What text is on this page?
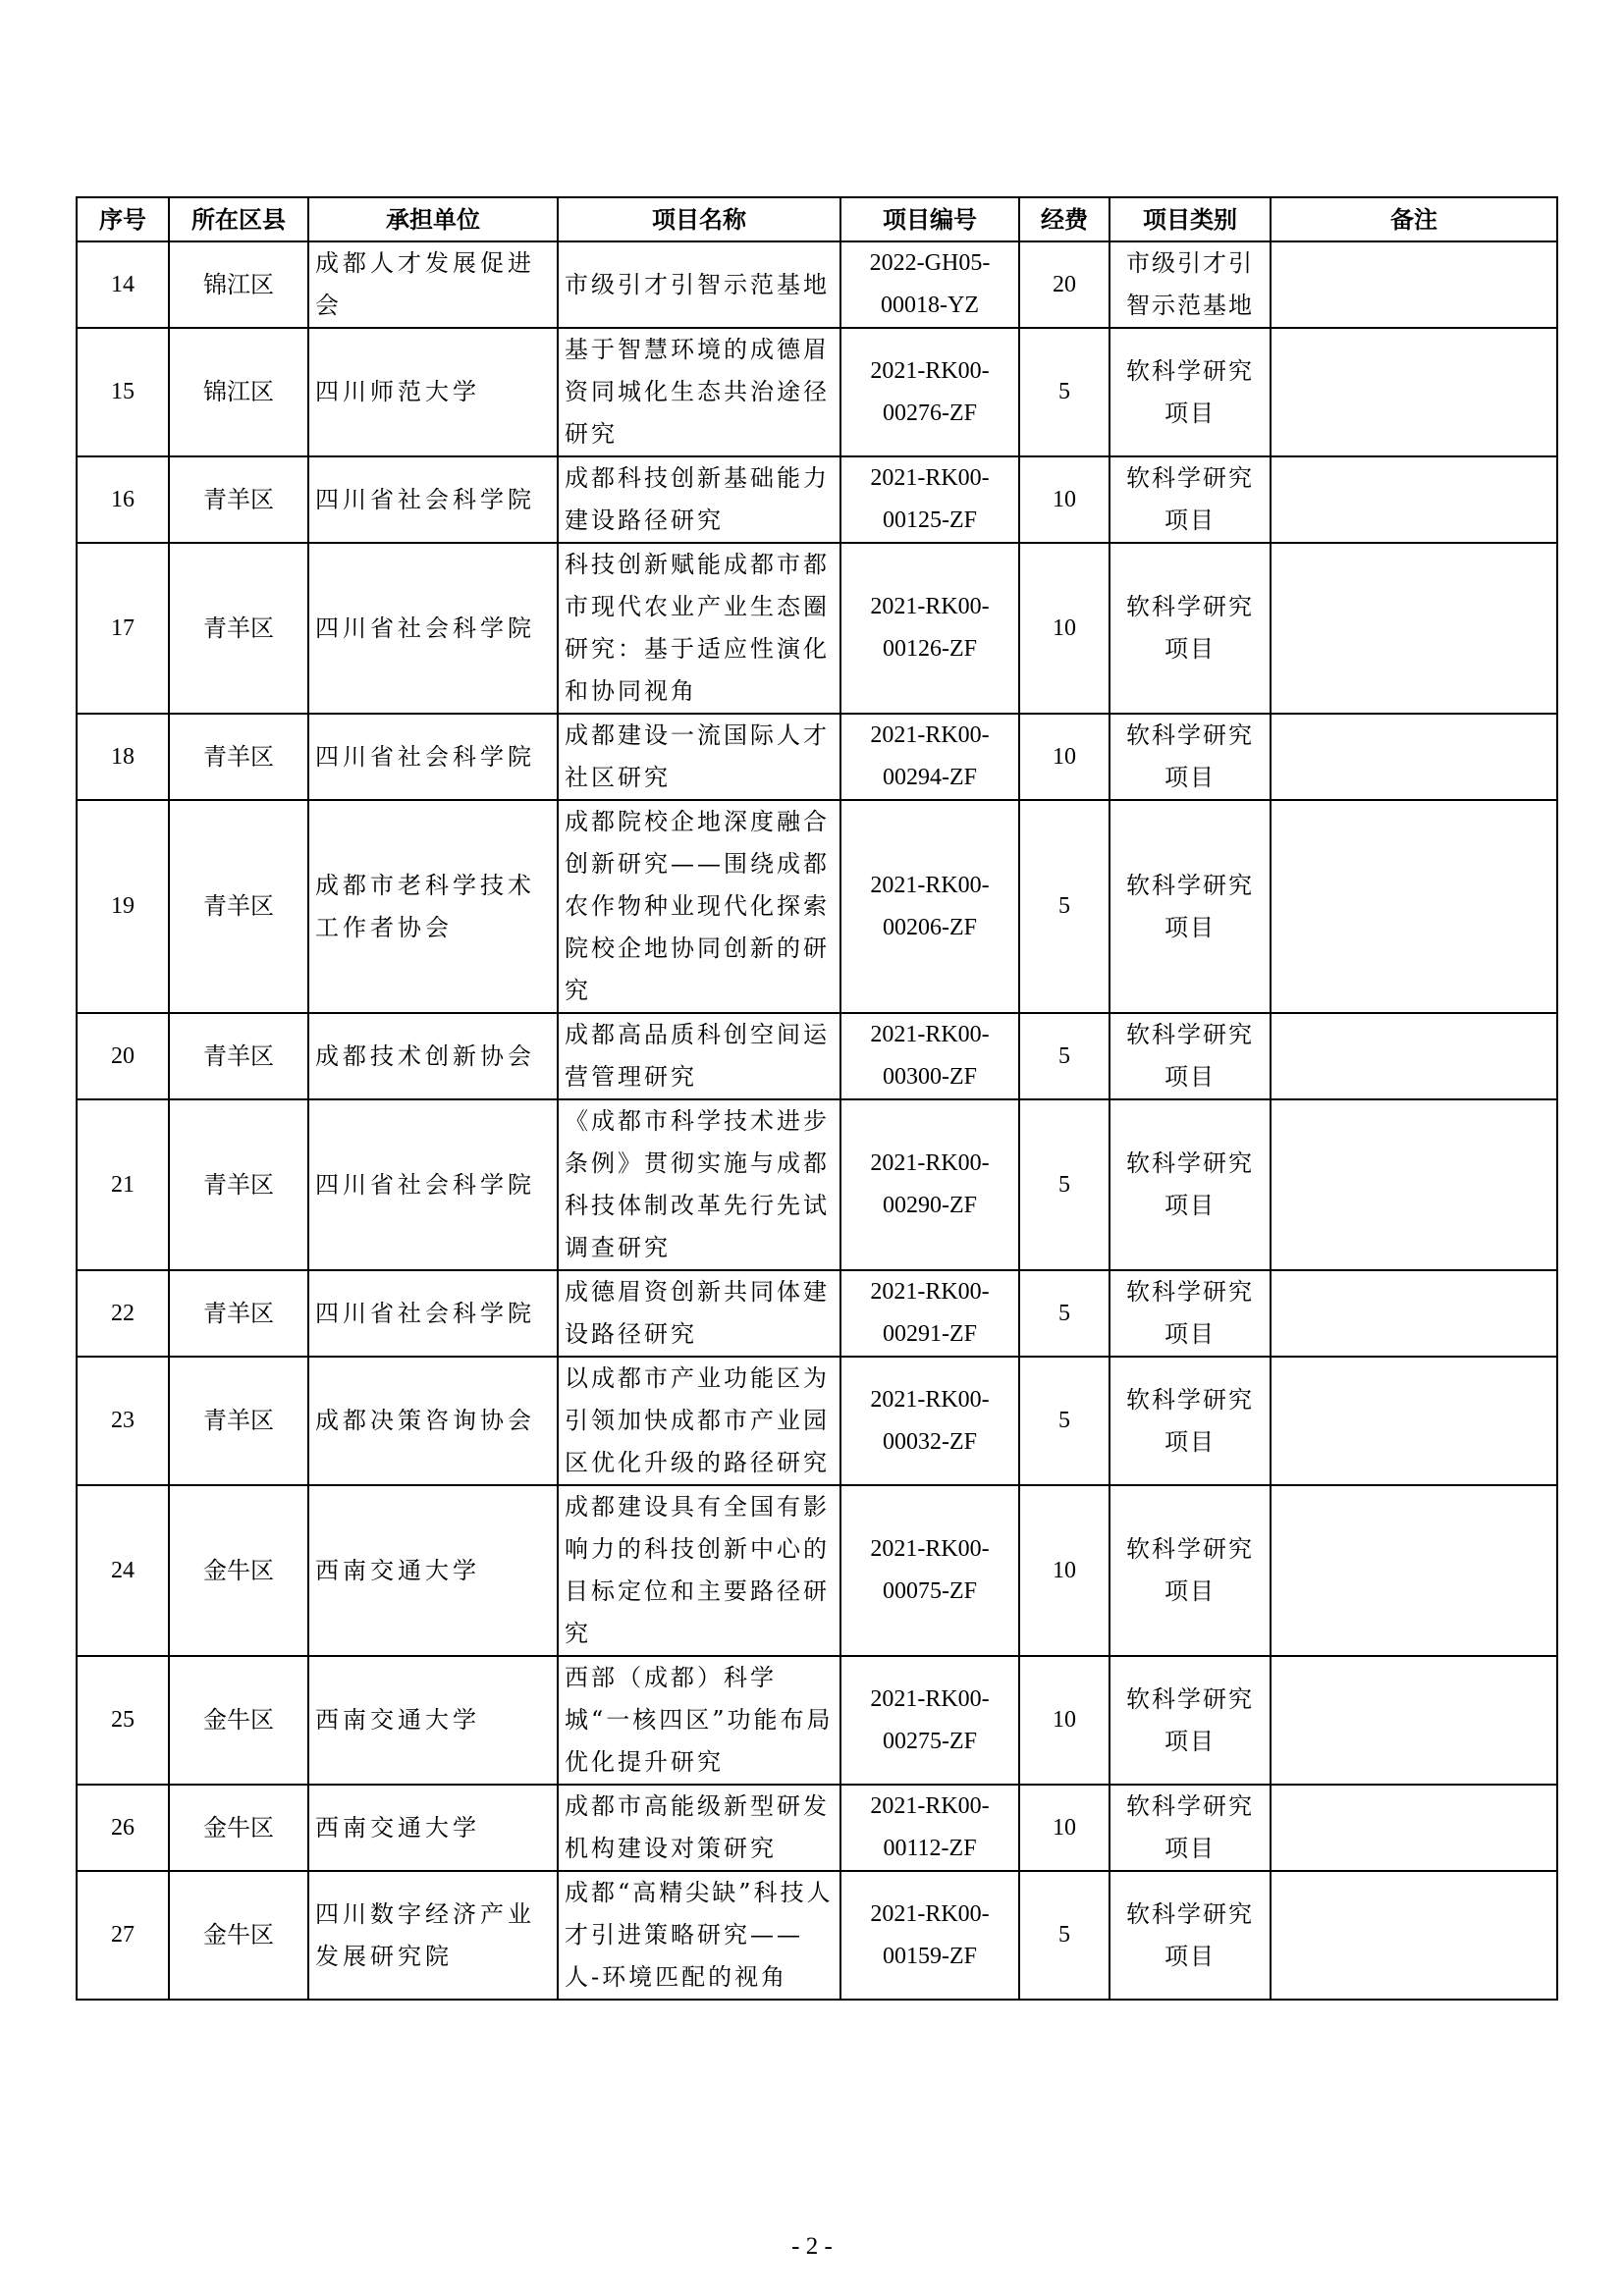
序号	所在区县	承担单位	项目名称	项目编号	经费	项目类别	备注
14	锦江区	成都人才发展促进会	市级引才引智示范基地	2022-GH05-00018-YZ	20	市级引才引智示范基地	
15	锦江区	四川师范大学	基于智慧环境的成德眉资同城化生态共治途径研究	2021-RK00-00276-ZF	5	软科学研究项目	
16	青羊区	四川省社会科学院	成都科技创新基础能力建设路径研究	2021-RK00-00125-ZF	10	软科学研究项目	
17	青羊区	四川省社会科学院	科技创新赋能成都市都市现代农业产业生态圈研究：基于适应性演化和协同视角	2021-RK00-00126-ZF	10	软科学研究项目	
18	青羊区	四川省社会科学院	成都建设一流国际人才社区研究	2021-RK00-00294-ZF	10	软科学研究项目	
19	青羊区	成都市老科学技术工作者协会	成都院校企地深度融合创新研究——围绕成都农作物种业现代化探索院校企地协同创新的研究	2021-RK00-00206-ZF	5	软科学研究项目	
20	青羊区	成都技术创新协会	成都高品质科创空间运营管理研究	2021-RK00-00300-ZF	5	软科学研究项目	
21	青羊区	四川省社会科学院	《成都市科学技术进步条例》贯彻实施与成都科技体制改革先行先试调查研究	2021-RK00-00290-ZF	5	软科学研究项目	
22	青羊区	四川省社会科学院	成德眉资创新共同体建设路径研究	2021-RK00-00291-ZF	5	软科学研究项目	
23	青羊区	成都决策咨询协会	以成都市产业功能区为引领加快成都市产业园区优化升级的路径研究	2021-RK00-00032-ZF	5	软科学研究项目	
24	金牛区	西南交通大学	成都建设具有全国有影响力的科技创新中心的目标定位和主要路径研究	2021-RK00-00075-ZF	10	软科学研究项目	
25	金牛区	西南交通大学	西部（成都）科学城“一核四区”功能布局优化提升研究	2021-RK00-00275-ZF	10	软科学研究项目	
26	金牛区	西南交通大学	成都市高能级新型研发机构建设对策研究	2021-RK00-00112-ZF	10	软科学研究项目	
27	金牛区	四川数字经济产业发展研究院	成都“高精尖缺”科技人才引进策略研究——人-环境匹配的视角	2021-RK00-00159-ZF	5	软科学研究项目	
- 2 -
